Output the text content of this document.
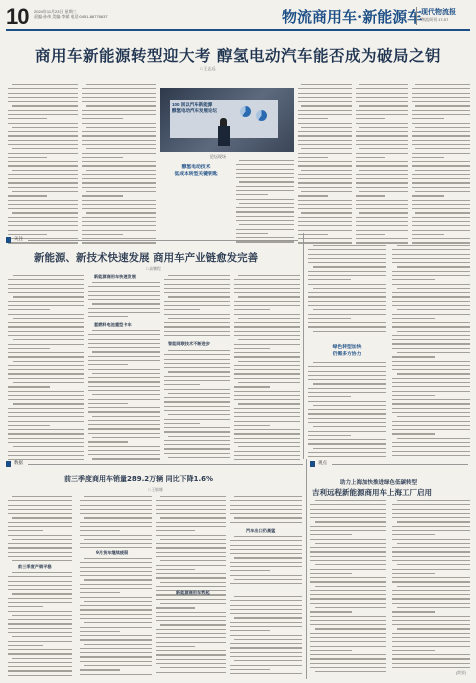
10 2024年11月23日 星期三
责编:孙伟 美编:李斌 电话:0451-86776637	物流商用车·新能源车
现代物流报
物流周刊 17-07
商用车新能源转型迎大考 醇氢电动汽车能否成为破局之钥
□ 王志远
100 回以汽车新能源
醇氢电动汽车发展论坛
论坛现场
醇氢电动技术
低成本转型关键钥匙
关注
新能源、新技术快速发展 商用车产业链愈发完善
□ 高鹏程
新能源商用车快速发展
氢燃料电池重型卡车
智能网联技术不断进步
绿色转型加快
仍需多方协力
数据
前三季度商用车销量289.2万辆 同比下降1.6%
□ 王敏娜
前三季度产销平稳
9月货车继续疲弱
汽车出口仍高猛
新能源商用车势起
观点
助力上海加快推进绿色低碳转型
吉利远程新能源商用车上海工厂启用
(简要)
